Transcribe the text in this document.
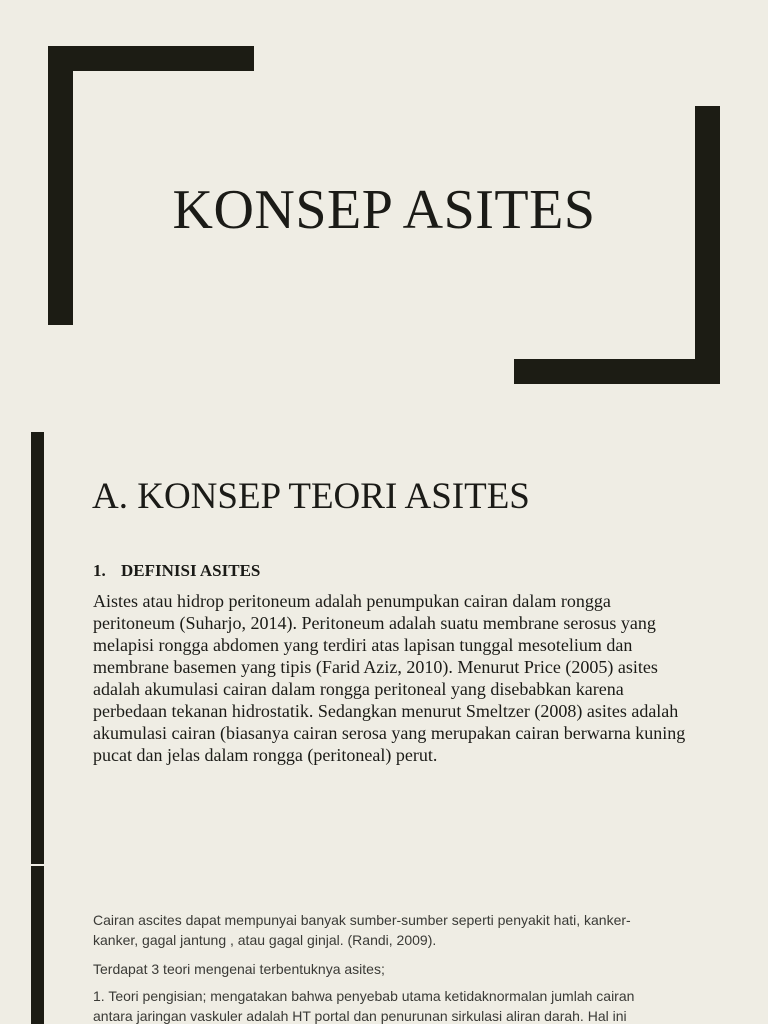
KONSEP ASITES
A. KONSEP TEORI ASITES
1. DEFINISI ASITES

Aistes atau hidrop peritoneum adalah penumpukan cairan dalam rongga peritoneum (Suharjo, 2014). Peritoneum adalah suatu membrane serosus yang melapisi rongga abdomen yang terdiri atas lapisan tunggal mesotelium dan membrane basemen yang tipis (Farid Aziz, 2010). Menurut Price (2005) asites adalah akumulasi cairan dalam rongga peritoneal yang disebabkan karena perbedaan tekanan hidrostatik. Sedangkan menurut Smeltzer (2008) asites adalah akumulasi cairan (biasanya cairan serosa yang merupakan cairan berwarna kuning pucat dan jelas dalam rongga (peritoneal) perut.

Cairan ascites dapat mempunyai banyak sumber-sumber seperti penyakit hati, kanker-kanker, gagal jantung , atau gagal ginjal. (Randi, 2009).

Terdapat 3 teori mengenai terbentuknya asites;

1. Teori pengisian; mengatakan bahwa penyebab utama ketidaknormalan jumlah cairan antara jaringan vaskuler adalah HT portal dan penurunan sirkulasi aliran darah. Hal ini
